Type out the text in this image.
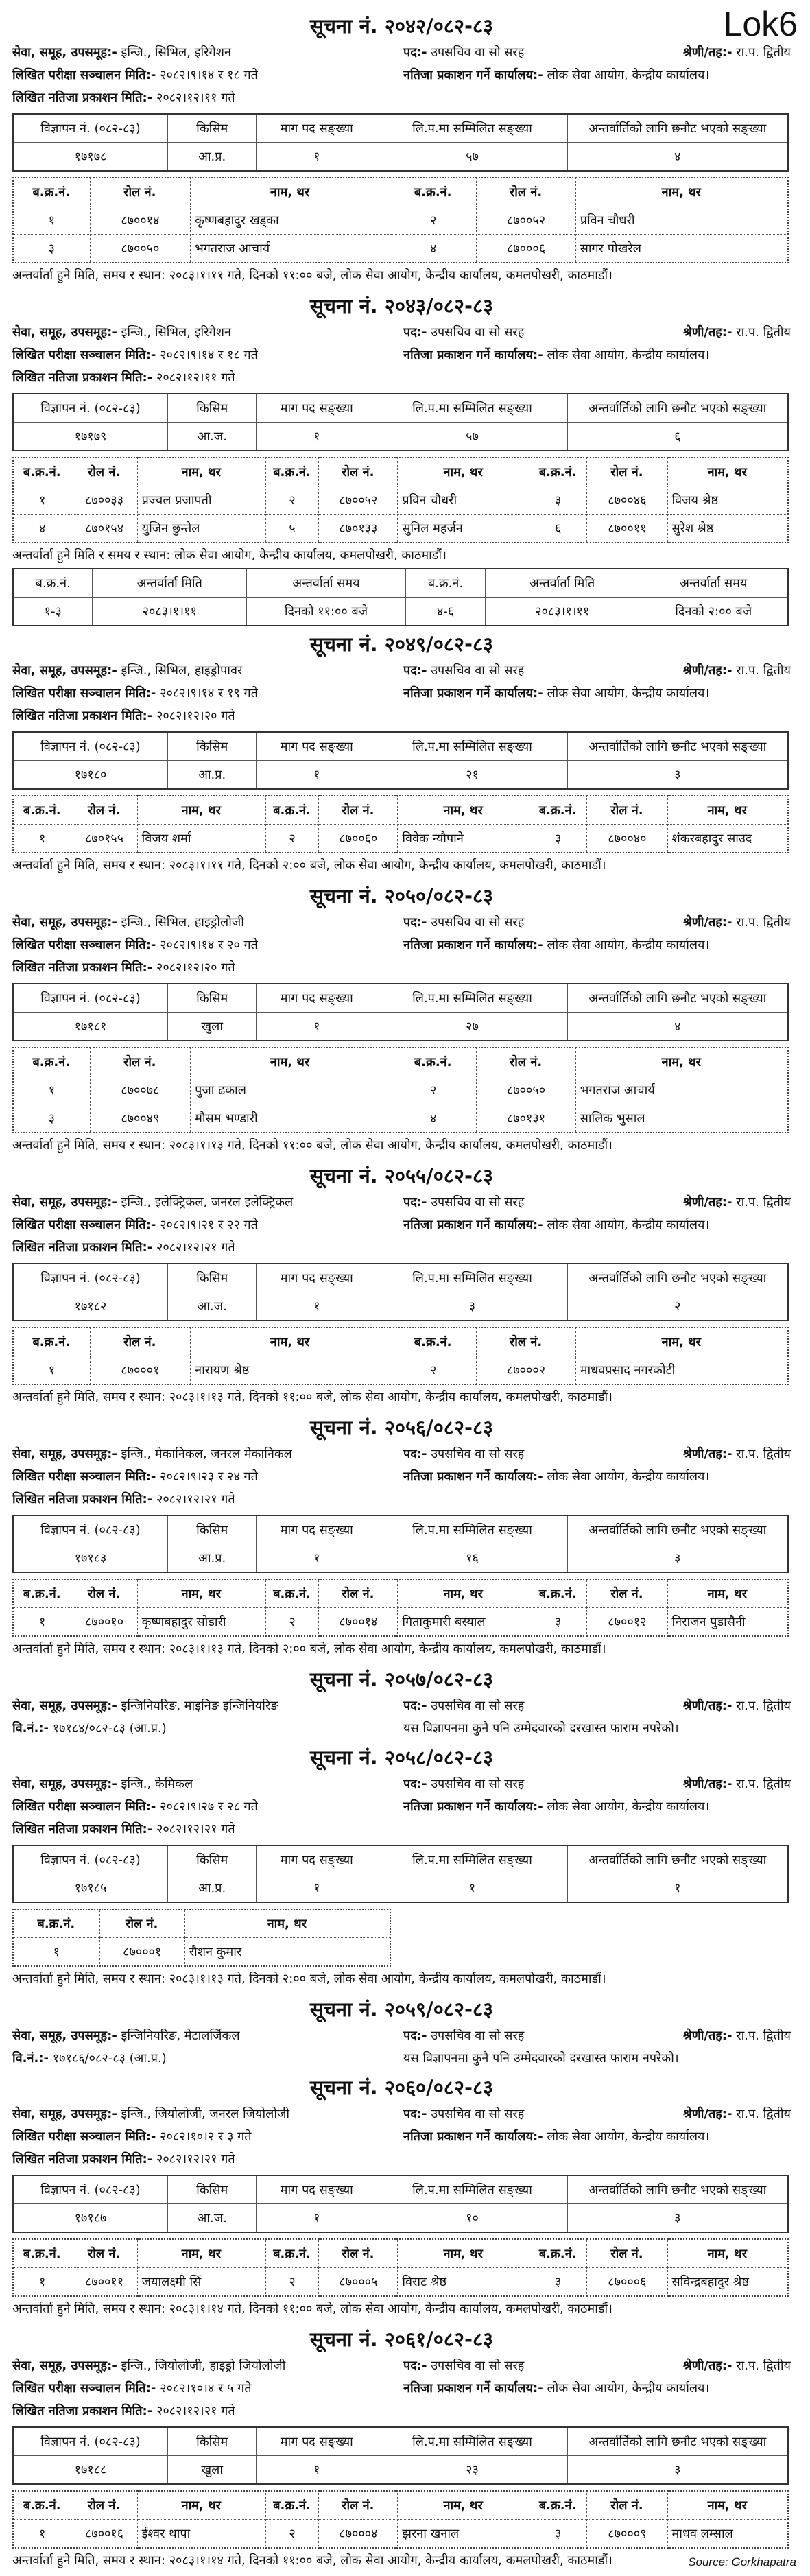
Lok6
सूचना नं. २०४२/०८२-८३
सेवा, समूह, उपसमूह:- इन्जि., सिभिल, इरिगेशन	पद:- उपसचिव वा सो सरह	श्रेणी/तह:- रा.प. द्वितीय
लिखित परीक्षा सञ्चालन मिति:- २०८२।९।१४ र १८ गते	नतिजा प्रकाशन गर्ने कार्यालय:- लोक सेवा आयोग, केन्द्रीय कार्यालय।
लिखित नतिजा प्रकाशन मिति:- २०८२।१२।११ गते
विज्ञापन नं. (०८२-८३)	किसिम	माग पद सङ्ख्या	लि.प.मा सम्मिलित सङ्ख्या	अन्तर्वार्तिको लागि छनौट भएको सङ्ख्या
१७१७८	आ.प्र.	१	५७	४
ब.क्र.नं.	रोल नं.	नाम, थर	ब.क्र.नं.	रोल नं.	नाम, थर
१	८७००१४	कृष्णबहादुर खड्का	२	८७००५२	प्रविन चौधरी
३	८७००५०	भगतराज आचार्य	४	८७०००६	सागर पोखरेल
अन्तर्वार्ता हुने मिति, समय र स्थान: २०८३।१।११ गते, दिनको ११:०० बजे, लोक सेवा आयोग, केन्द्रीय कार्यालय, कमलपोखरी, काठमाडौं।
सूचना नं. २०४३/०८२-८३
सेवा, समूह, उपसमूह:- इन्जि., सिभिल, इरिगेशन	पद:- उपसचिव वा सो सरह	श्रेणी/तह:- रा.प. द्वितीय
लिखित परीक्षा सञ्चालन मिति:- २०८२।९।१४ र १८ गते	नतिजा प्रकाशन गर्ने कार्यालय:- लोक सेवा आयोग, केन्द्रीय कार्यालय।
लिखित नतिजा प्रकाशन मिति:- २०८२।१२।११ गते
विज्ञापन नं. (०८२-८३)	किसिम	माग पद सङ्ख्या	लि.प.मा सम्मिलित सङ्ख्या	अन्तर्वार्तिको लागि छनौट भएको सङ्ख्या
१७१७९	आ.ज.	१	५७	६
ब.क्र.नं.	रोल नं.	नाम, थर	ब.क्र.नं.	रोल नं.	नाम, थर	ब.क्र.नं.	रोल नं.	नाम, थर
१	८७००३३	प्रज्वल प्रजापती	२	८७००५२	प्रविन चौधरी	३	८७००४६	विजय श्रेष्ठ
४	८७०१५४	युजिन छुन्तेल	५	८७०१३३	सुनिल महर्जन	६	८७००११	सुरेश श्रेष्ठ
अन्तर्वार्ता हुने मिति र समय र स्थान: लोक सेवा आयोग, केन्द्रीय कार्यालय, कमलपोखरी, काठमाडौं।
ब.क्र.नं.	अन्तर्वार्ता मिति	अन्तर्वार्ता समय	ब.क्र.नं.	अन्तर्वार्ता मिति	अन्तर्वार्ता समय
१-३	२०८३।१।११	दिनको ११:०० बजे	४-६	२०८३।१।११	दिनको २:०० बजे
सूचना नं. २०४९/०८२-८३
सेवा, समूह, उपसमूह:- इन्जि., सिभिल, हाइड्रोपावर	पद:- उपसचिव वा सो सरह	श्रेणी/तह:- रा.प. द्वितीय
लिखित परीक्षा सञ्चालन मिति:- २०८२।९।१४ र १९ गते	नतिजा प्रकाशन गर्ने कार्यालय:- लोक सेवा आयोग, केन्द्रीय कार्यालय।
लिखित नतिजा प्रकाशन मिति:- २०८२।१२।२० गते
विज्ञापन नं. (०८२-८३)	किसिम	माग पद सङ्ख्या	लि.प.मा सम्मिलित सङ्ख्या	अन्तर्वार्तिको लागि छनौट भएको सङ्ख्या
१७१८०	आ.प्र.	१	२१	३
ब.क्र.नं.	रोल नं.	नाम, थर	ब.क्र.नं.	रोल नं.	नाम, थर	ब.क्र.नं.	रोल नं.	नाम, थर
१	८७०१५५	विजय शर्मा	२	८७००६०	विवेक न्यौपाने	३	८७००४०	शंकरबहादुर साउद
अन्तर्वार्ता हुने मिति, समय र स्थान: २०८३।१।११ गते, दिनको २:०० बजे, लोक सेवा आयोग, केन्द्रीय कार्यालय, कमलपोखरी, काठमाडौं।
सूचना नं. २०५०/०८२-८३
सेवा, समूह, उपसमूह:- इन्जि., सिभिल, हाइड्रोलोजी	पद:- उपसचिव वा सो सरह	श्रेणी/तह:- रा.प. द्वितीय
लिखित परीक्षा सञ्चालन मिति:- २०८२।९।१४ र २० गते	नतिजा प्रकाशन गर्ने कार्यालय:- लोक सेवा आयोग, केन्द्रीय कार्यालय।
लिखित नतिजा प्रकाशन मिति:- २०८२।१२।२० गते
विज्ञापन नं. (०८२-८३)	किसिम	माग पद सङ्ख्या	लि.प.मा सम्मिलित सङ्ख्या	अन्तर्वार्तिको लागि छनौट भएको सङ्ख्या
१७१८१	खुला	१	२७	४
ब.क्र.नं.	रोल नं.	नाम, थर	ब.क्र.नं.	रोल नं.	नाम, थर
१	८७००७८	पुजा ढकाल	२	८७००५०	भगतराज आचार्य
३	८७००४९	मौसम भण्डारी	४	८७०१३१	सालिक भुसाल
अन्तर्वार्ता हुने मिति, समय र स्थान: २०८३।१।१३ गते, दिनको ११:०० बजे, लोक सेवा आयोग, केन्द्रीय कार्यालय, कमलपोखरी, काठमाडौं।
सूचना नं. २०५५/०८२-८३
सेवा, समूह, उपसमूह:- इन्जि., इलेक्ट्रिकल, जनरल इलेक्ट्रिकल	पद:- उपसचिव वा सो सरह	श्रेणी/तह:- रा.प. द्वितीय
लिखित परीक्षा सञ्चालन मिति:- २०८२।९।२१ र २२ गते	नतिजा प्रकाशन गर्ने कार्यालय:- लोक सेवा आयोग, केन्द्रीय कार्यालय।
लिखित नतिजा प्रकाशन मिति:- २०८२।१२।२१ गते
विज्ञापन नं. (०८२-८३)	किसिम	माग पद सङ्ख्या	लि.प.मा सम्मिलित सङ्ख्या	अन्तर्वार्तिको लागि छनौट भएको सङ्ख्या
१७१८२	आ.ज.	१	३	२
ब.क्र.नं.	रोल नं.	नाम, थर	ब.क्र.नं.	रोल नं.	नाम, थर
१	८७०००१	नारायण श्रेष्ठ	२	८७०००२	माधवप्रसाद नगरकोटी
अन्तर्वार्ता हुने मिति, समय र स्थान: २०८३।१।१३ गते, दिनको ११:०० बजे, लोक सेवा आयोग, केन्द्रीय कार्यालय, कमलपोखरी, काठमाडौं।
सूचना नं. २०५६/०८२-८३
सेवा, समूह, उपसमूह:- इन्जि., मेकानिकल, जनरल मेकानिकल	पद:- उपसचिव वा सो सरह	श्रेणी/तह:- रा.प. द्वितीय
लिखित परीक्षा सञ्चालन मिति:- २०८२।९।२३ र २४ गते	नतिजा प्रकाशन गर्ने कार्यालय:- लोक सेवा आयोग, केन्द्रीय कार्यालय।
लिखित नतिजा प्रकाशन मिति:- २०८२।१२।२१ गते
विज्ञापन नं. (०८२-८३)	किसिम	माग पद सङ्ख्या	लि.प.मा सम्मिलित सङ्ख्या	अन्तर्वार्तिको लागि छनौट भएको सङ्ख्या
१७१८३	आ.प्र.	१	१६	३
ब.क्र.नं.	रोल नं.	नाम, थर	ब.क्र.नं.	रोल नं.	नाम, थर	ब.क्र.नं.	रोल नं.	नाम, थर
१	८७००१०	कृष्णबहादुर सोडारी	२	८७००१४	गिताकुमारी बस्याल	३	८७००१२	निराजन पुडासैनी
अन्तर्वार्ता हुने मिति, समय र स्थान: २०८३।१।१३ गते, दिनको २:०० बजे, लोक सेवा आयोग, केन्द्रीय कार्यालय, कमलपोखरी, काठमाडौं।
सूचना नं. २०५७/०८२-८३
सेवा, समूह, उपसमूह:- इन्जिनियरिङ, माइनिङ इन्जिनियरिङ	पद:- उपसचिव वा सो सरह	श्रेणी/तह:- रा.प. द्वितीय
वि.नं.:- १७१८४/०८२-८३ (आ.प्र.)	यस विज्ञापनमा कुनै पनि उम्मेदवारको दरखास्त फाराम नपरेको।
सूचना नं. २०५८/०८२-८३
सेवा, समूह, उपसमूह:- इन्जि., केमिकल	पद:- उपसचिव वा सो सरह	श्रेणी/तह:- रा.प. द्वितीय
लिखित परीक्षा सञ्चालन मिति:- २०८२।९।२७ र २८ गते	नतिजा प्रकाशन गर्ने कार्यालय:- लोक सेवा आयोग, केन्द्रीय कार्यालय।
लिखित नतिजा प्रकाशन मिति:- २०८२।१२।२१ गते
विज्ञापन नं. (०८२-८३)	किसिम	माग पद सङ्ख्या	लि.प.मा सम्मिलित सङ्ख्या	अन्तर्वार्तिको लागि छनौट भएको सङ्ख्या
१७१८५	आ.प्र.	१	१	१
ब.क्र.नं.	रोल नं.	नाम, थर
१	८७०००१	रौशन कुमार
अन्तर्वार्ता हुने मिति, समय र स्थान: २०८३।१।१३ गते, दिनको २:०० बजे, लोक सेवा आयोग, केन्द्रीय कार्यालय, कमलपोखरी, काठमाडौं।
सूचना नं. २०५९/०८२-८३
सेवा, समूह, उपसमूह:- इन्जिनियरिङ, मेटालर्जिकल	पद:- उपसचिव वा सो सरह	श्रेणी/तह:- रा.प. द्वितीय
वि.नं.:- १७१८६/०८२-८३ (आ.प्र.)	यस विज्ञापनमा कुनै पनि उम्मेदवारको दरखास्त फाराम नपरेको।
सूचना नं. २०६०/०८२-८३
सेवा, समूह, उपसमूह:- इन्जि., जियोलोजी, जनरल जियोलोजी	पद:- उपसचिव वा सो सरह	श्रेणी/तह:- रा.प. द्वितीय
लिखित परीक्षा सञ्चालन मिति:- २०८२।१०।२ र ३ गते	नतिजा प्रकाशन गर्ने कार्यालय:- लोक सेवा आयोग, केन्द्रीय कार्यालय।
लिखित नतिजा प्रकाशन मिति:- २०८२।१२।२१ गते
विज्ञापन नं. (०८२-८३)	किसिम	माग पद सङ्ख्या	लि.प.मा सम्मिलित सङ्ख्या	अन्तर्वार्तिको लागि छनौट भएको सङ्ख्या
१७१८७	आ.ज.	१	१०	३
ब.क्र.नं.	रोल नं.	नाम, थर	ब.क्र.नं.	रोल नं.	नाम, थर	ब.क्र.नं.	रोल नं.	नाम, थर
१	८७००११	जयालक्ष्मी सिं	२	८७०००५	विराट श्रेष्ठ	३	८७०००६	सविन्द्रबहादुर श्रेष्ठ
अन्तर्वार्ता हुने मिति, समय र स्थान: २०८३।१।१४ गते, दिनको ११:०० बजे, लोक सेवा आयोग, केन्द्रीय कार्यालय, कमलपोखरी, काठमाडौं।
सूचना नं. २०६१/०८२-८३
सेवा, समूह, उपसमूह:- इन्जि., जियोलोजी, हाइड्रो जियोलोजी	पद:- उपसचिव वा सो सरह	श्रेणी/तह:- रा.प. द्वितीय
लिखित परीक्षा सञ्चालन मिति:- २०८२।१०।४ र ५ गते	नतिजा प्रकाशन गर्ने कार्यालय:- लोक सेवा आयोग, केन्द्रीय कार्यालय।
लिखित नतिजा प्रकाशन मिति:- २०८२।१२।२१ गते
विज्ञापन नं. (०८२-८३)	किसिम	माग पद सङ्ख्या	लि.प.मा सम्मिलित सङ्ख्या	अन्तर्वार्तिको लागि छनौट भएको सङ्ख्या
१७१८८	खुला	१	२३	३
ब.क्र.नं.	रोल नं.	नाम, थर	ब.क्र.नं.	रोल नं.	नाम, थर	ब.क्र.नं.	रोल नं.	नाम, थर
१	८७००१६	ईश्वर थापा	२	८७०००४	झरना खनाल	३	८७०००९	माधव लम्साल
अन्तर्वार्ता हुने मिति, समय र स्थान: २०८३।१।१४ गते, दिनको ११:०० बजे, लोक सेवा आयोग, केन्द्रीय कार्यालय, कमलपोखरी, काठमाडौं।	Source: Gorkhapatra
